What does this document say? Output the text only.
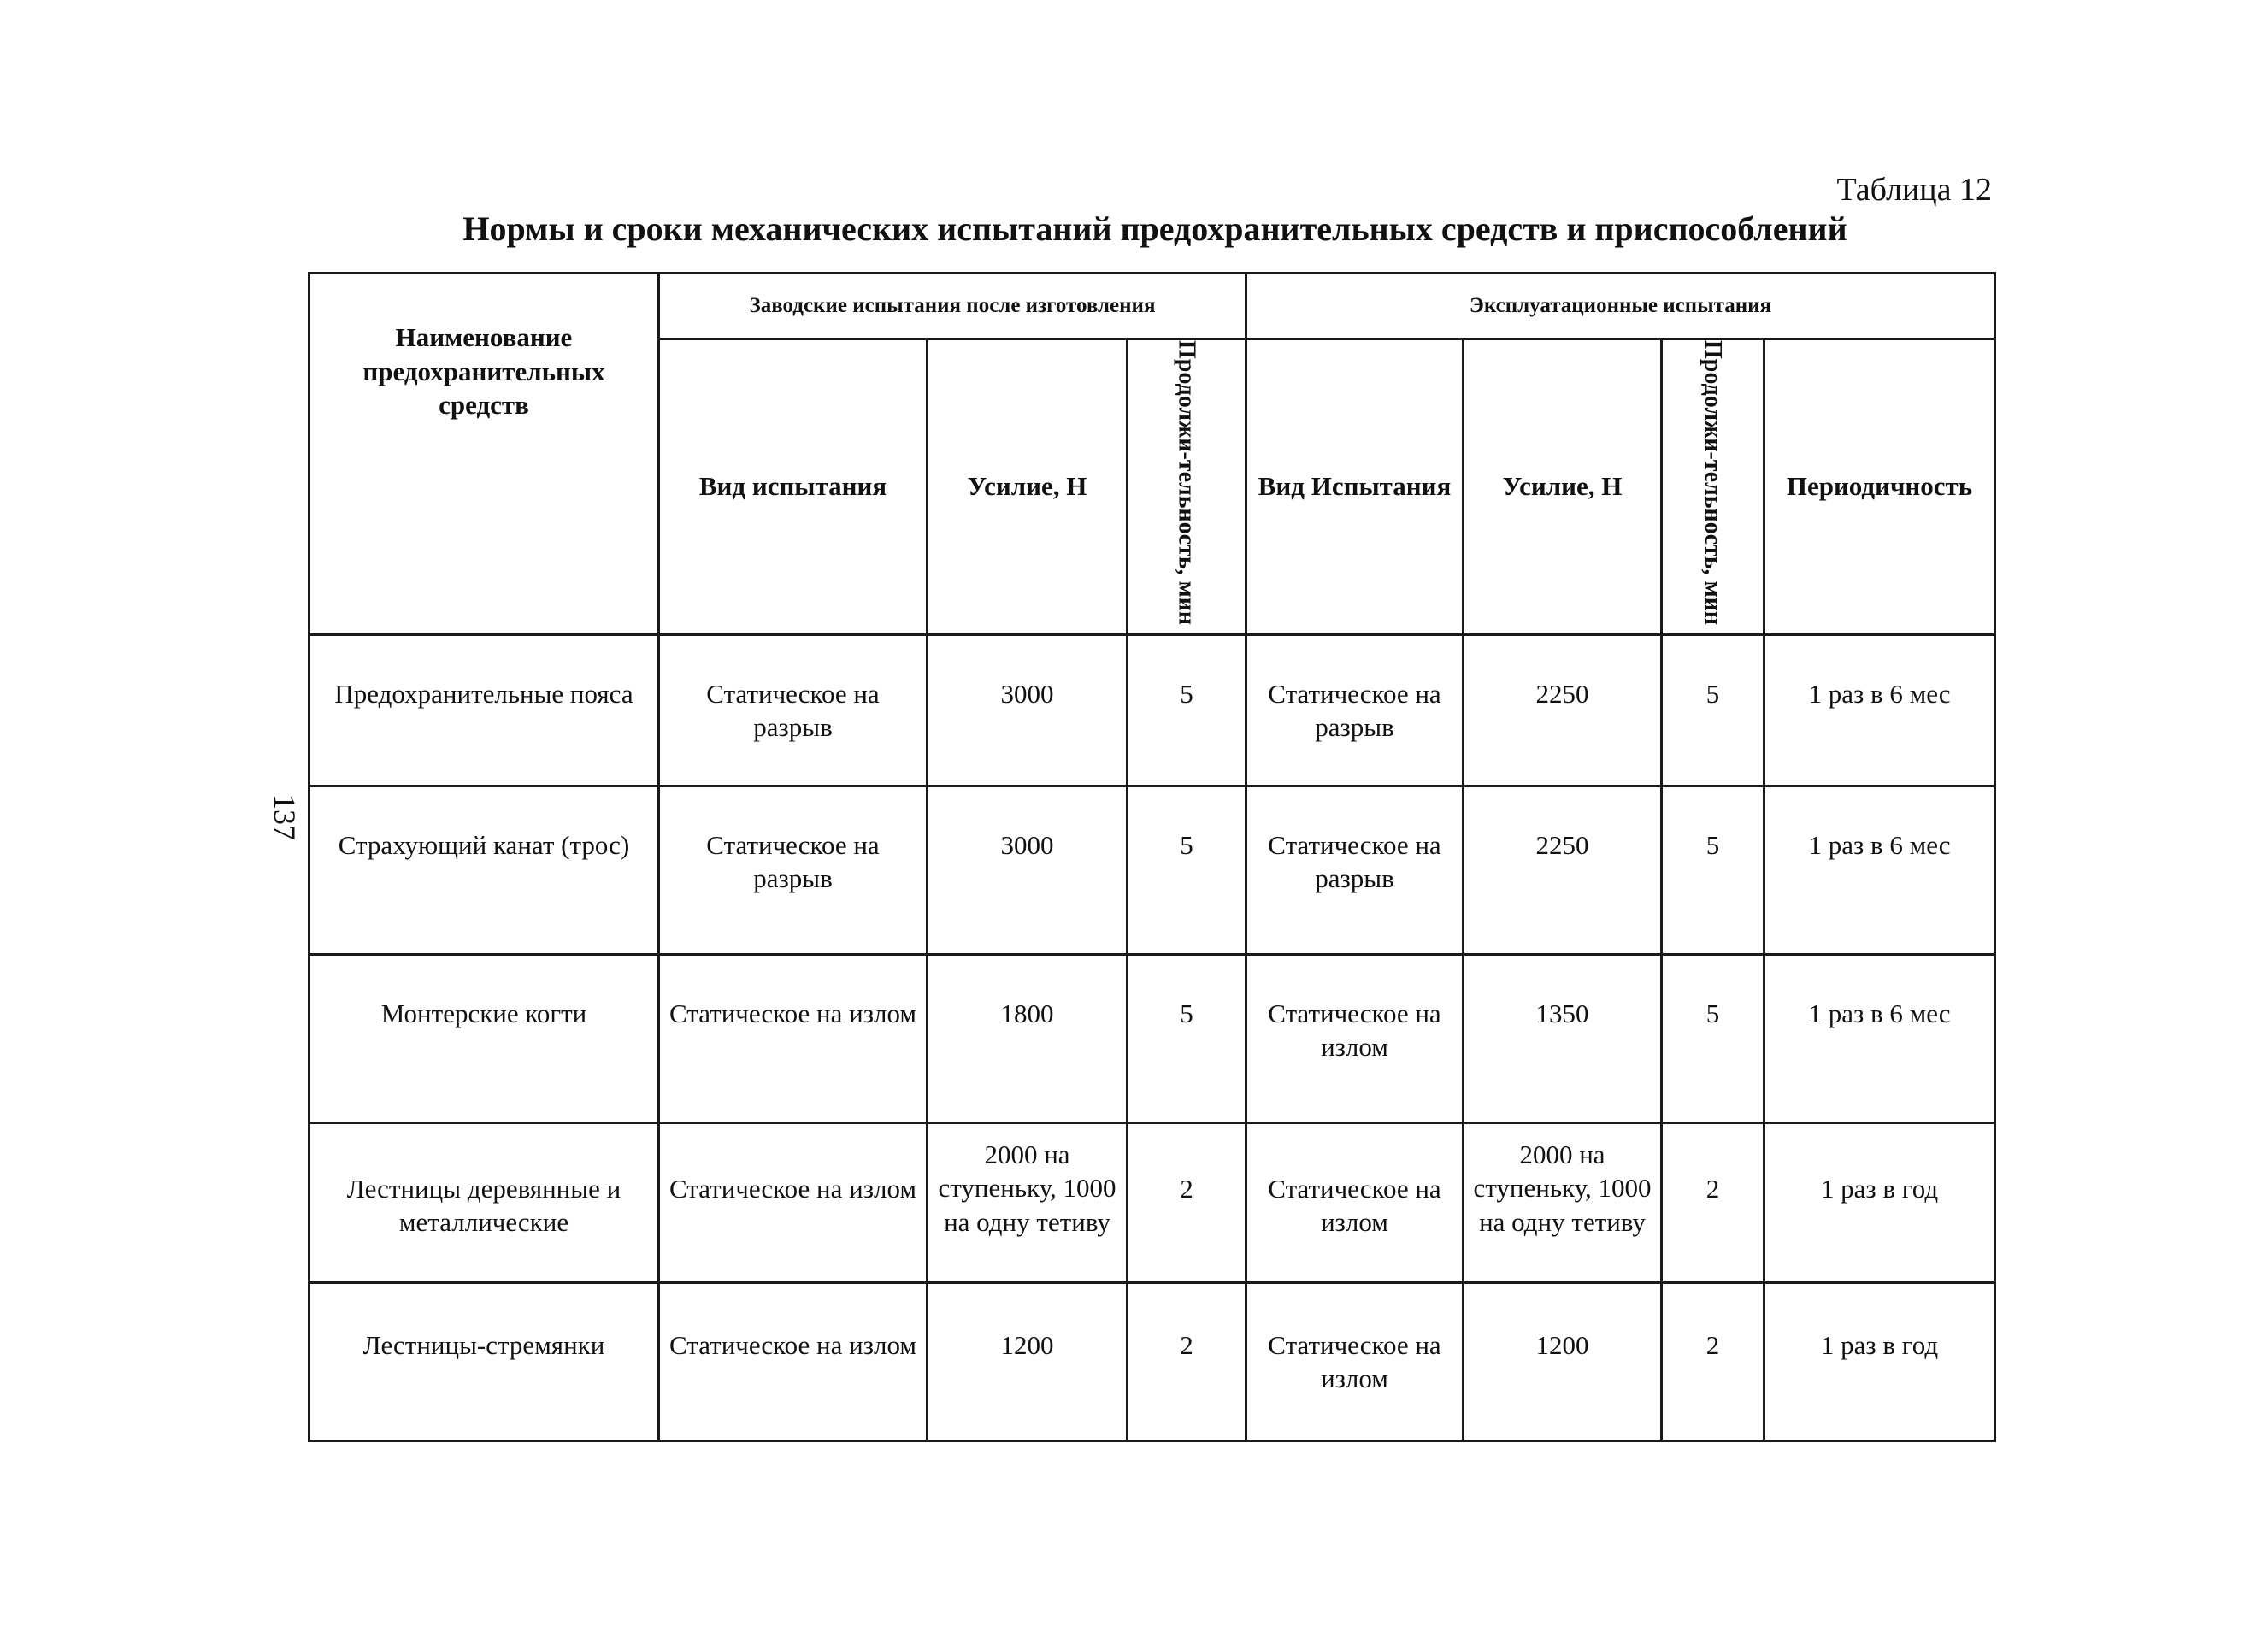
Таблица 12
Нормы и сроки механических испытаний предохранительных средств и приспособлений
137
Наименование предохранительных средств	Заводские испытания после изготовления			Эксплуатационные испытания			
	Вид испытания	Усилие, Н	Продолжи-тельность, мин	Вид Испытания	Усилие, Н	Продолжи-тельность, мин	Периодичность
Предохранительные пояса	Статическое на разрыв	3000	5	Статическое на разрыв	2250	5	1 раз в 6 мес
Страхующий канат (трос)	Статическое на разрыв	3000	5	Статическое на разрыв	2250	5	1 раз в 6 мес
Монтерские когти	Статическое на излом	1800	5	Статическое на излом	1350	5	1 раз в 6 мес
Лестницы деревянные и металлические	Статическое на излом	2000 на ступеньку, 1000 на одну тетиву	2	Статическое на излом	2000 на ступеньку, 1000 на одну тетиву	2	1 раз в год
Лестницы-стремянки	Статическое на излом	1200	2	Статическое на излом	1200	2	1 раз в год
